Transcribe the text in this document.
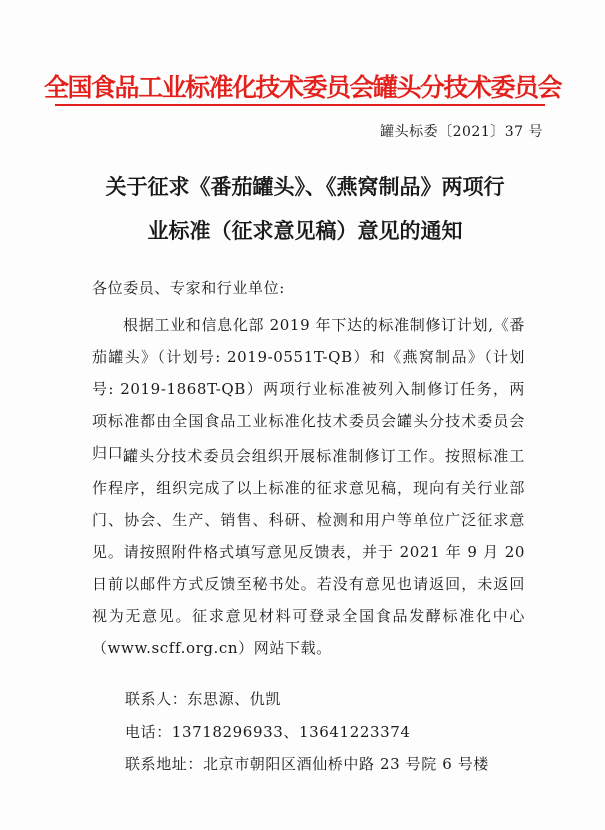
全国食品工业标准化技术委员会罐头分技术委员会
罐头标委〔2021〕37 号
关于征求《番茄罐头》、《燕窝制品》两项行
业标准（征求意见稿）意见的通知
各位委员、专家和行业单位:
根据工业和信息化部 2019 年下达的标准制修订计划,《番茄罐头》（计划号: 2019-0551T-QB）和《燕窝制品》（计划号: 2019-1868T-QB）两项行业标准被列入制修订任务，两项标准都由全国食品工业标准化技术委员会罐头分技术委员会归口。
罐头分技术委员会组织开展标准制修订工作。按照标准工作程序，组织完成了以上标准的征求意见稿，现向有关行业部门、协会、生产、销售、科研、检测和用户等单位广泛征求意见。请按照附件格式填写意见反馈表，并于 2021 年 9 月 20 日前以邮件方式反馈至秘书处。若没有意见也请返回，未返回视为无意见。征求意见材料可登录全国食品发酵标准化中心（www.scff.org.cn）网站下载。
联系人：东思源、仇凯
电话：13718296933、13641223374
联系地址：北京市朝阳区酒仙桥中路 23 号院 6 号楼
